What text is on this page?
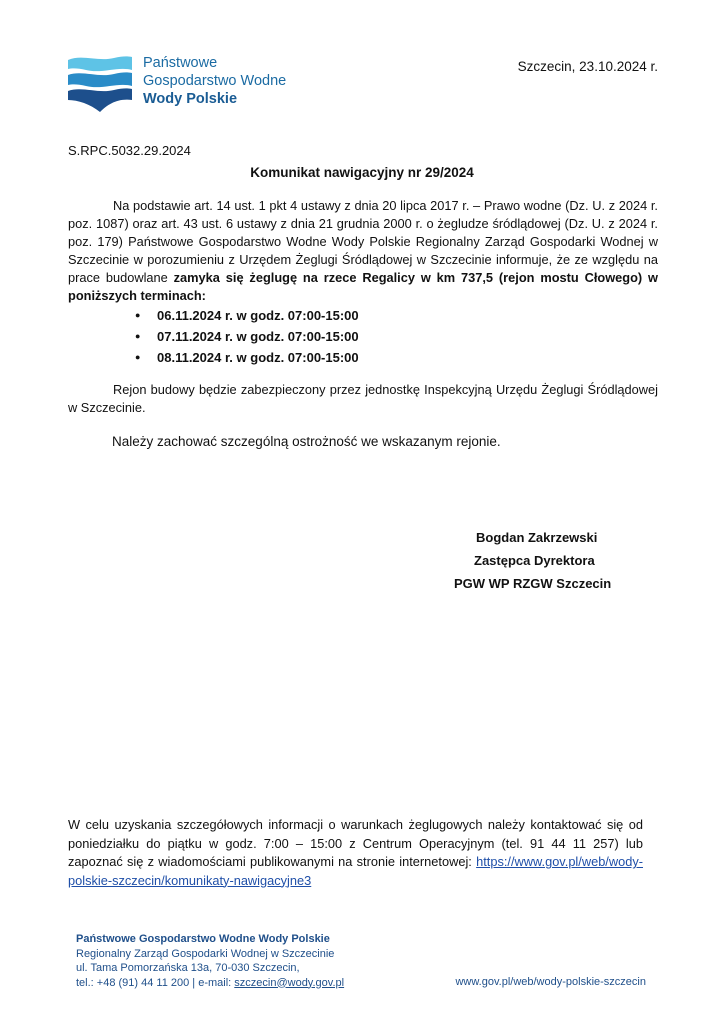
Państwowe
Gospodarstwo Wodne
Wody Polskie
Szczecin, 23.10.2024 r.
S.RPC.5032.29.2024
Komunikat nawigacyjny nr 29/2024

Na podstawie art. 14 ust. 1 pkt 4 ustawy z dnia 20 lipca 2017 r. – Prawo wodne (Dz. U. z 2024 r. poz. 1087) oraz art. 43 ust. 6 ustawy z dnia 21 grudnia 2000 r. o żegludze śródlądowej (Dz. U. z 2024 r. poz. 179) Państwowe Gospodarstwo Wodne Wody Polskie Regionalny Zarząd Gospodarki Wodnej w Szczecinie w porozumieniu z Urzędem Żeglugi Śródlądowej w Szczecinie informuje, że ze względu na prace budowlane zamyka się żeglugę na rzece Regalicy w km 737,5 (rejon mostu Cłowego) w poniższych terminach:

● 06.11.2024 r. w godz. 07:00-15:00
● 07.11.2024 r. w godz. 07:00-15:00
● 08.11.2024 r. w godz. 07:00-15:00

Rejon budowy będzie zabezpieczony przez jednostkę Inspekcyjną Urzędu Żeglugi Śródlądowej w Szczecinie.

Należy zachować szczególną ostrożność we wskazanym rejonie.
Bogdan Zakrzewski
Zastępca Dyrektora
PGW WP RZGW Szczecin
W celu uzyskania szczegółowych informacji o warunkach żeglugowych należy kontaktować się od poniedziałku do piątku w godz. 7:00 – 15:00 z Centrum Operacyjnym (tel. 91 44 11 257) lub zapoznać się z wiadomościami publikowanymi na stronie internetowej: https://www.gov.pl/web/wody-polskie-szczecin/komunikaty-nawigacyjne3
Państwowe Gospodarstwo Wodne Wody Polskie
Regionalny Zarząd Gospodarki Wodnej w Szczecinie
ul. Tama Pomorzańska 13a, 70-030 Szczecin,
tel.: +48 (91) 44 11 200 | e-mail: szczecin@wody.gov.pl	www.gov.pl/web/wody-polskie-szczecin
